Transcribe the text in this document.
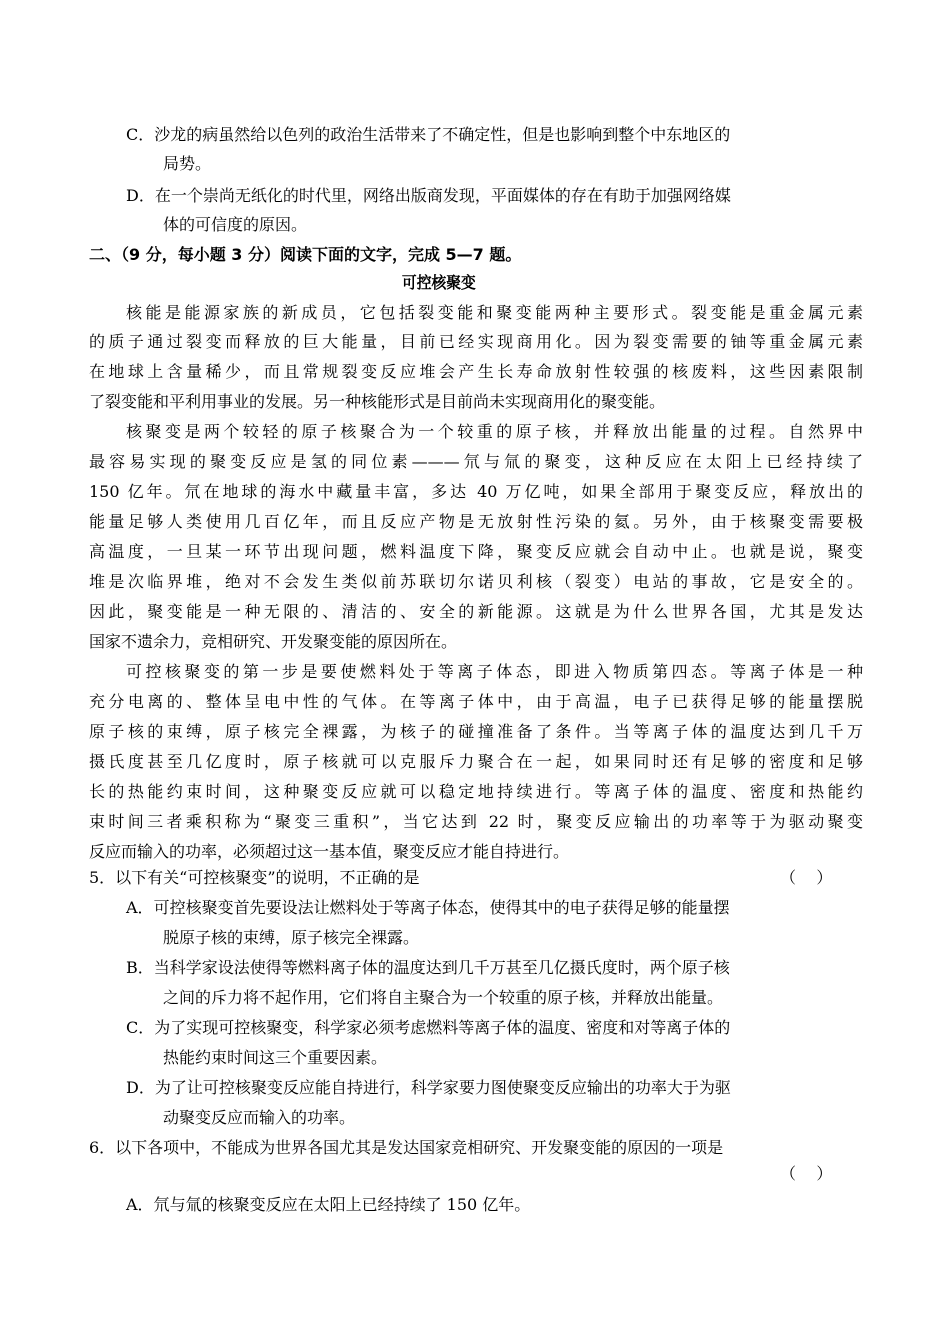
C．沙龙的病虽然给以色列的政治生活带来了不确定性，但是也影响到整个中东地区的
局势。
D．在一个崇尚无纸化的时代里，网络出版商发现，平面媒体的存在有助于加强网络媒
体的可信度的原因。
二、（9 分，每小题 3 分）阅读下面的文字，完成 5—7 题。
可控核聚变
核能是能源家族的新成员，它包括裂变能和聚变能两种主要形式。裂变能是重金属元素
的质子通过裂变而释放的巨大能量，目前已经实现商用化。因为裂变需要的铀等重金属元素
在地球上含量稀少，而且常规裂变反应堆会产生长寿命放射性较强的核废料，这些因素限制
了裂变能和平利用事业的发展。另一种核能形式是目前尚未实现商用化的聚变能。
核聚变是两个较轻的原子核聚合为一个较重的原子核，并释放出能量的过程。自然界中
最容易实现的聚变反应是氢的同位素———氘与氚的聚变，这种反应在太阳上已经持续了
150 亿年。氘在地球的海水中藏量丰富，多达 40 万亿吨，如果全部用于聚变反应，释放出的
能量足够人类使用几百亿年，而且反应产物是无放射性污染的氦。另外，由于核聚变需要极
高温度，一旦某一环节出现问题，燃料温度下降，聚变反应就会自动中止。也就是说，聚变
堆是次临界堆，绝对不会发生类似前苏联切尔诺贝利核（裂变）电站的事故，它是安全的。
因此，聚变能是一种无限的、清洁的、安全的新能源。这就是为什么世界各国，尤其是发达
国家不遗余力，竞相研究、开发聚变能的原因所在。
可控核聚变的第一步是要使燃料处于等离子体态，即进入物质第四态。等离子体是一种
充分电离的、整体呈电中性的气体。在等离子体中，由于高温，电子已获得足够的能量摆脱
原子核的束缚，原子核完全裸露，为核子的碰撞准备了条件。当等离子体的温度达到几千万
摄氏度甚至几亿度时，原子核就可以克服斥力聚合在一起，如果同时还有足够的密度和足够
长的热能约束时间，这种聚变反应就可以稳定地持续进行。等离子体的温度、密度和热能约
束时间三者乘积称为“聚变三重积”，当它达到 22 时，聚变反应输出的功率等于为驱动聚变
反应而输入的功率，必须超过这一基本值，聚变反应才能自持进行。
5．以下有关“可控核聚变”的说明，不正确的是	（    ）
A．可控核聚变首先要设法让燃料处于等离子体态，使得其中的电子获得足够的能量摆
脱原子核的束缚，原子核完全裸露。
B．当科学家设法使得等燃料离子体的温度达到几千万甚至几亿摄氏度时，两个原子核
之间的斥力将不起作用，它们将自主聚合为一个较重的原子核，并释放出能量。
C．为了实现可控核聚变，科学家必须考虑燃料等离子体的温度、密度和对等离子体的
热能约束时间这三个重要因素。
D．为了让可控核聚变反应能自持进行，科学家要力图使聚变反应输出的功率大于为驱
动聚变反应而输入的功率。
6．以下各项中，不能成为世界各国尤其是发达国家竞相研究、开发聚变能的原因的一项是
（    ）
A．氘与氚的核聚变反应在太阳上已经持续了 150 亿年。
